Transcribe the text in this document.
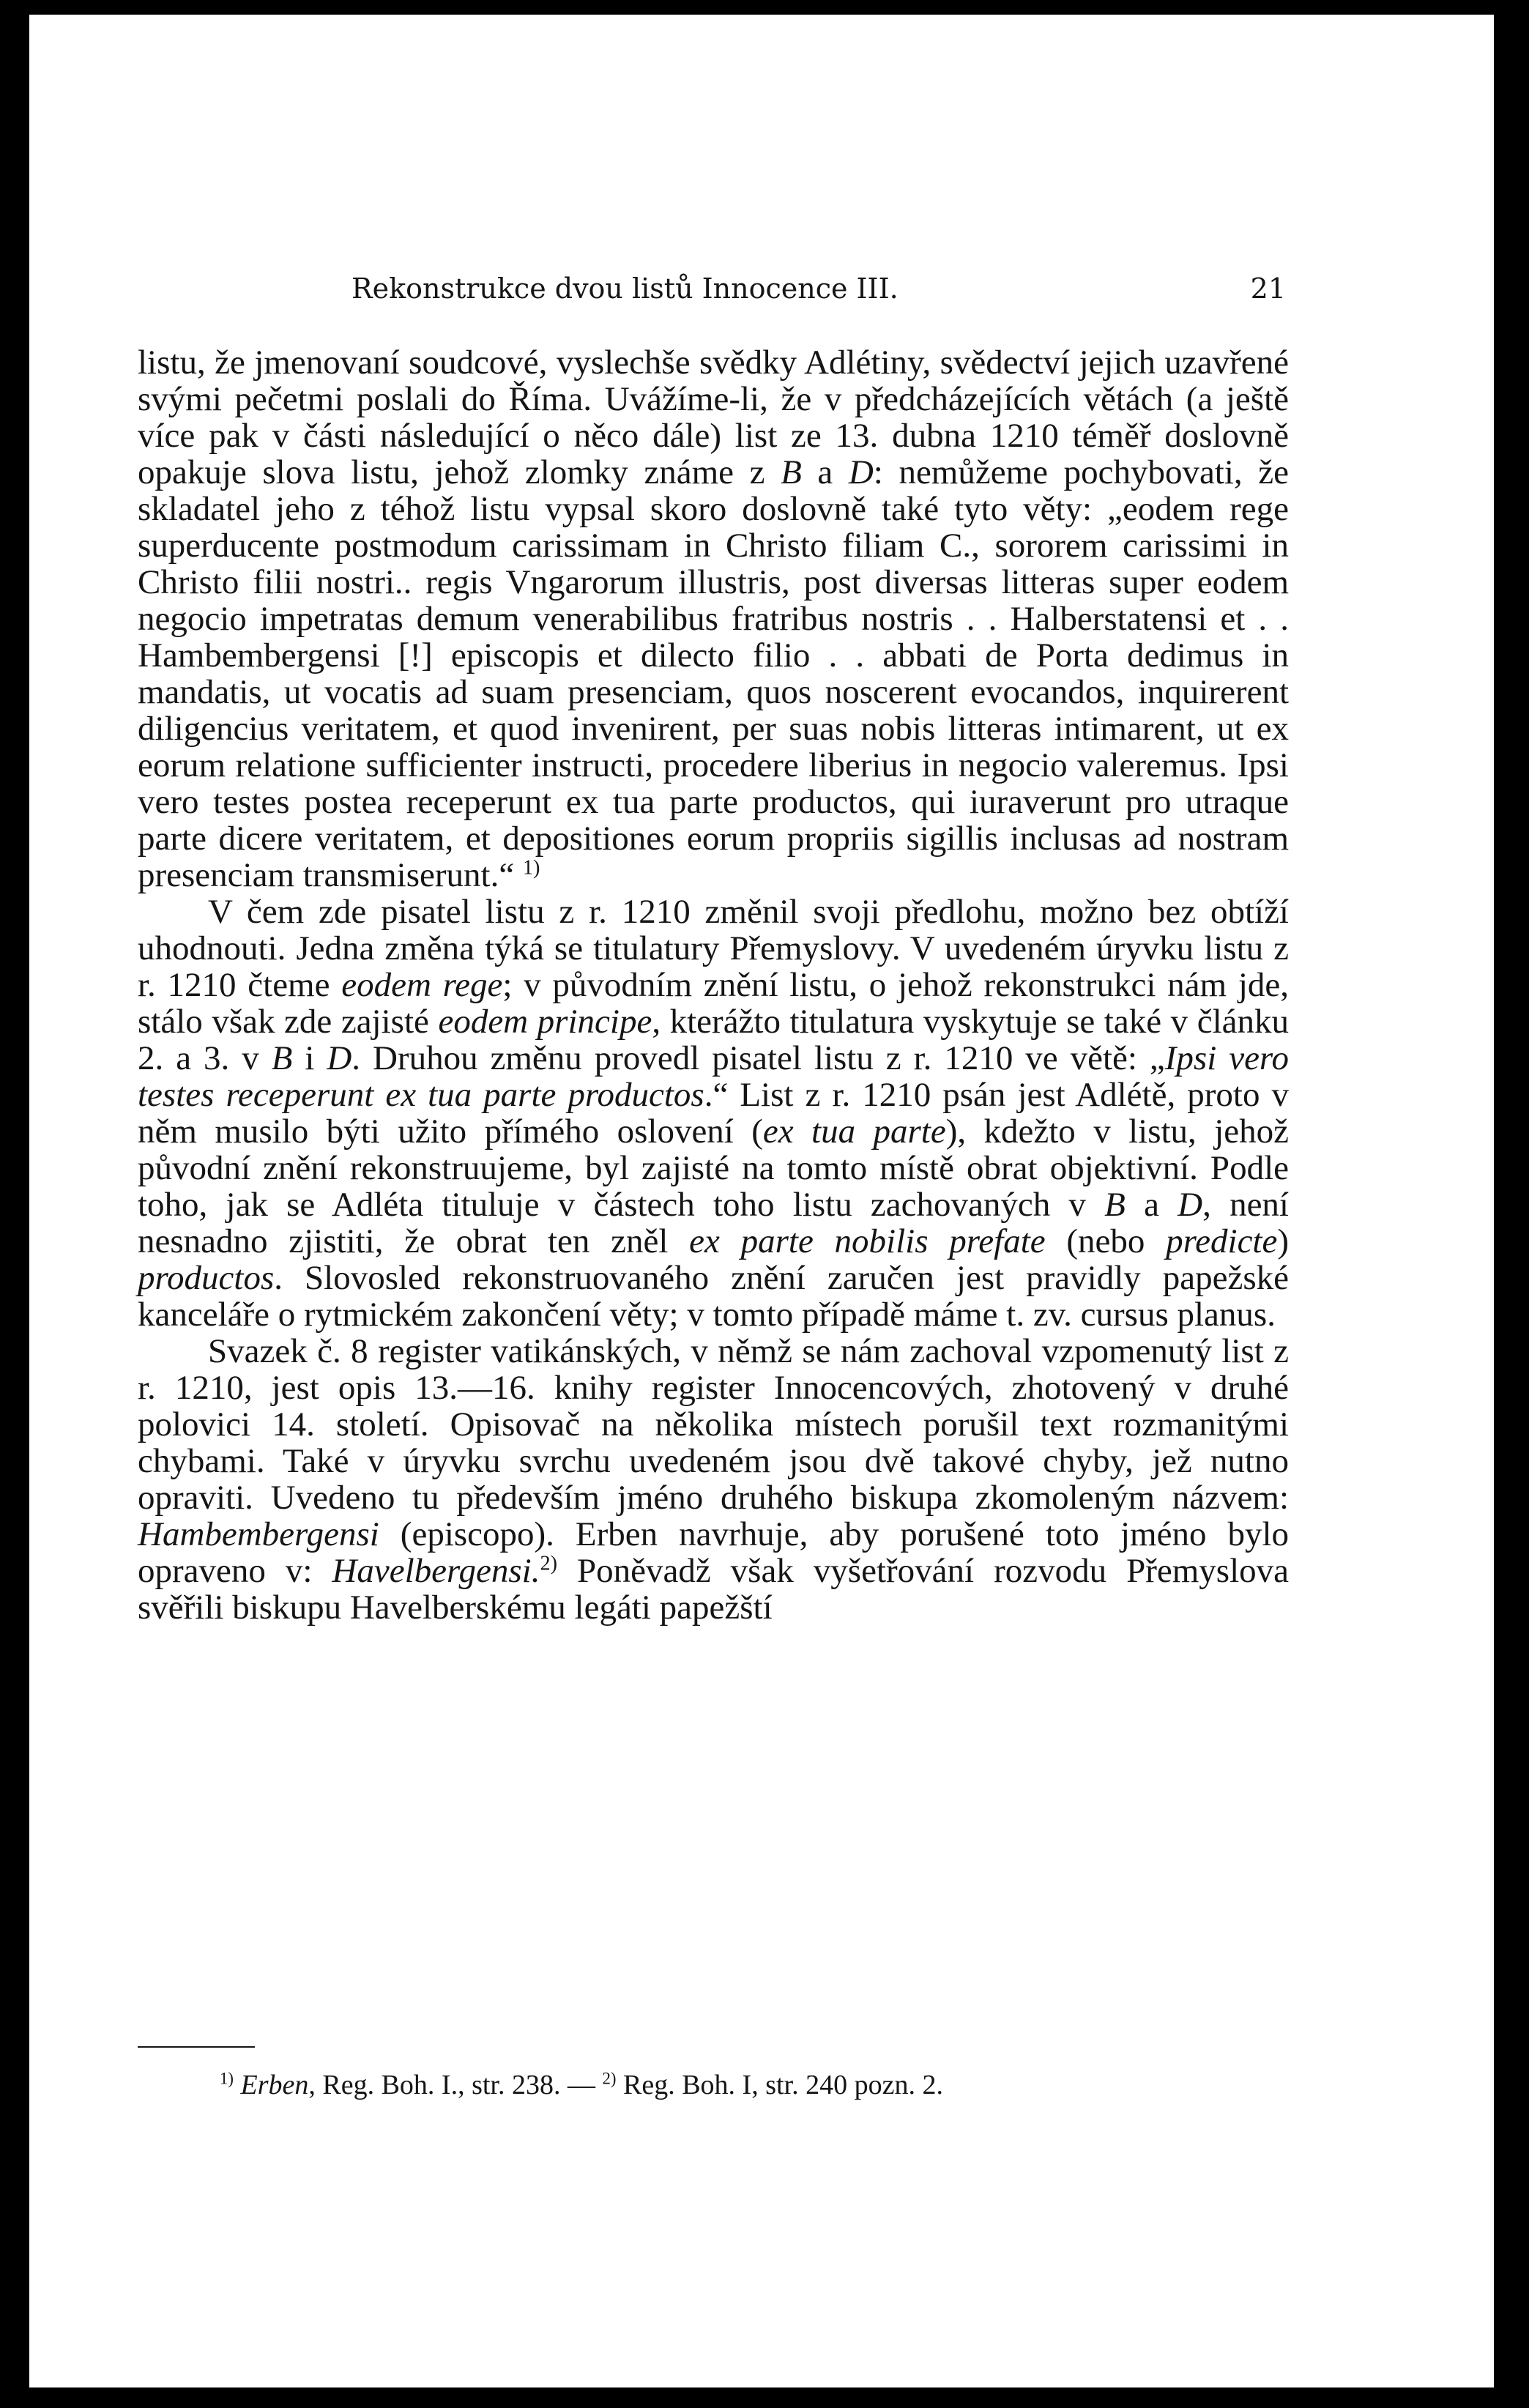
Rekonstrukce dvou listů Innocence III.	21

listu, že jmenovaní soudcové, vyslechše svědky Adlétiny, svědectví jejich uzavřené svými pečetmi poslali do Říma. Uvážíme-li, že v předcházejících větách (a ještě více pak v části následující o něco dále) list ze 13. dubna 1210 téměř doslovně opakuje slova listu, jehož zlomky známe z B a D: nemůžeme pochybovati, že skladatel jeho z téhož listu vypsal skoro doslovně také tyto věty: „eodem rege superducente postmodum carissimam in Christo filiam C., sororem carissimi in Christo filii nostri.. regis Vngarorum illustris, post diversas litteras super eodem negocio impetratas demum venerabilibus fratribus nostris . . Halberstatensi et . . Hambembergensi [!] episcopis et dilecto filio . . abbati de Porta dedimus in mandatis, ut vocatis ad suam presenciam, quos noscerent evocandos, inquirerent diligencius veritatem, et quod invenirent, per suas nobis litteras intimarent, ut ex eorum relatione sufficienter instructi, procedere liberius in negocio valeremus. Ipsi vero testes postea receperunt ex tua parte productos, qui iuraverunt pro utraque parte dicere veritatem, et depositiones eorum propriis sigillis inclusas ad nostram presenciam transmiserunt.“ $^{1)}$

V čem zde pisatel listu z r. 1210 změnil svoji předlohu, možno bez obtíží uhodnouti. Jedna změna týká se titulatury Přemyslovy. V uvedeném úryvku listu z r. 1210 čteme eodem rege; v původním znění listu, o jehož rekonstrukci nám jde, stálo však zde zajisté eodem principe, kterážto titulatura vyskytuje se také v článku 2. a 3. v B i D. Druhou změnu provedl pisatel listu z r. 1210 ve větě: „Ipsi vero testes receperunt ex tua parte productos.“ List z r. 1210 psán jest Adlétě, proto v něm musilo býti užito přímého oslovení (ex tua parte), kdežto v listu, jehož původní znění rekonstruujeme, byl zajisté na tomto místě obrat objektivní. Podle toho, jak se Adléta tituluje v částech toho listu zachovaných v B a D, není nesnadno zjistiti, že obrat ten zněl ex parte nobilis prefate (nebo predicte) productos. Slovosled rekonstruovaného znění zaručen jest pravidly papežské kanceláře o rytmickém zakončení věty; v tomto případě máme t. zv. cursus planus.

Svazek č. 8 register vatikánských, v němž se nám zachoval vzpomenutý list z r. 1210, jest opis 13.—16. knihy register Innocencových, zhotovený v druhé polovici 14. století. Opisovač na několika místech porušil text rozmanitými chybami. Také v úryvku svrchu uvedeném jsou dvě takové chyby, jež nutno opraviti. Uvedeno tu především jméno druhého biskupa zkomoleným názvem: Hambembergensi (episcopo). Erben navrhuje, aby porušené toto jméno bylo opraveno v: Havelbergensi.$^{2)}$ Poněvadž však vyšetřování rozvodu Přemyslova svěřili biskupu Havelberskému legáti papežští

$^{1)}$ Erben, Reg. Boh. I., str. 238. — $^{2)}$ Reg. Boh. I, str. 240 pozn. 2.
